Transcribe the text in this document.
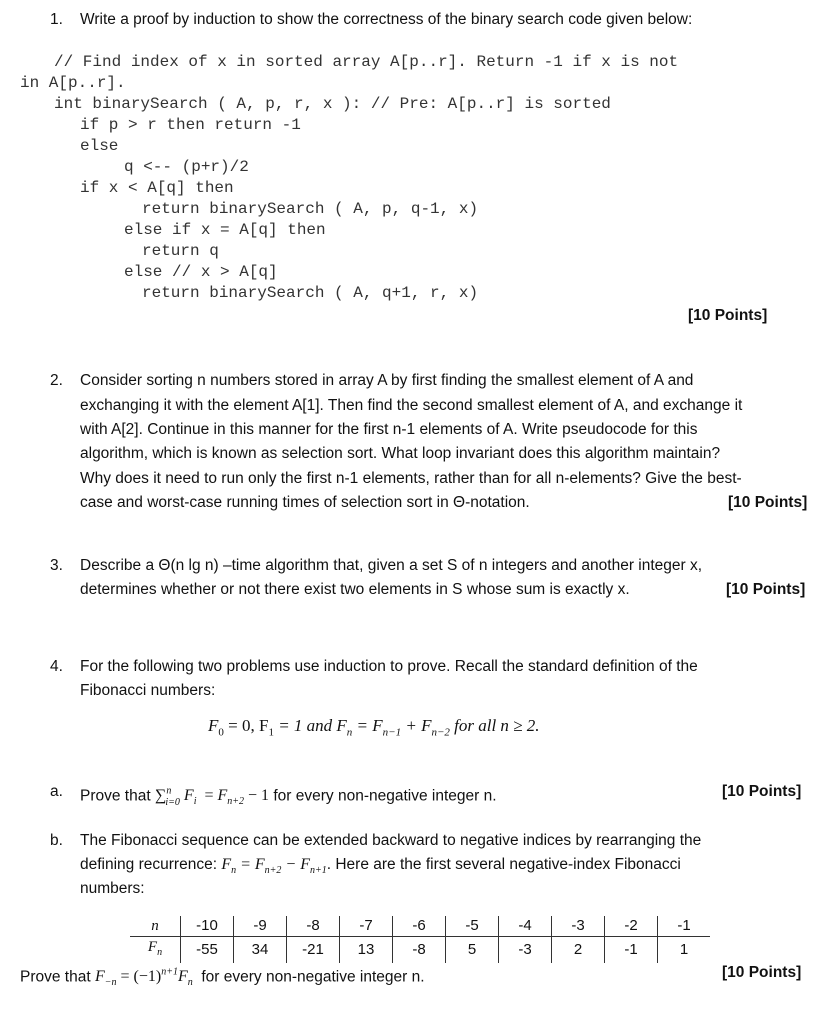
1. Write a proof by induction to show the correctness of the binary search code given below:
// Find index of x in sorted array A[p..r]. Return -1 if x is not
in A[p..r].
int binarySearch ( A, p, r, x ): // Pre: A[p..r] is sorted
if p > r then return -1
else
q <-- (p+r)/2
if x < A[q] then
return binarySearch ( A, p, q-1, x)
else if x = A[q] then
return q
else // x > A[q]
return binarySearch ( A, q+1, r, x)
[10 Points]
2. Consider sorting n numbers stored in array A by first finding the smallest element of A and
exchanging it with the element A[1]. Then find the second smallest element of A, and exchange it
with A[2]. Continue in this manner for the first n-1 elements of A. Write pseudocode for this
algorithm, which is known as selection sort. What loop invariant does this algorithm maintain?
Why does it need to run only the first n-1 elements, rather than for all n-elements? Give the best-
case and worst-case running times of selection sort in Θ-notation.	[10 Points]
3. Describe a Θ(n lg n) –time algorithm that, given a set S of n integers and another integer x,
determines whether or not there exist two elements in S whose sum is exactly x.	[10 Points]
4. For the following two problems use induction to prove. Recall the standard definition of the
Fibonacci numbers:
$F_0 = 0$, $F_1 = 1$ and $F_n = F_{n-1} + F_{n-2}$ for all n ≥ 2.
a. Prove that ∑$^n_{i=0}$ $F_i = F_{n+2} - 1$ for every non-negative integer n.	[10 Points]
b. The Fibonacci sequence can be extended backward to negative indices by rearranging the
defining recurrence: $F_n = F_{n+2} - F_{n+1}$. Here are the first several negative-index Fibonacci
numbers:
n	-10	-9	-8	-7	-6	-5	-4	-3	-2	-1
$F_n$	-55	34	-21	13	-8	5	-3	2	-1	1
Prove that $F_{-n} = (-1)^{n+1}F_n$ for every non-negative integer n.	[10 Points]
